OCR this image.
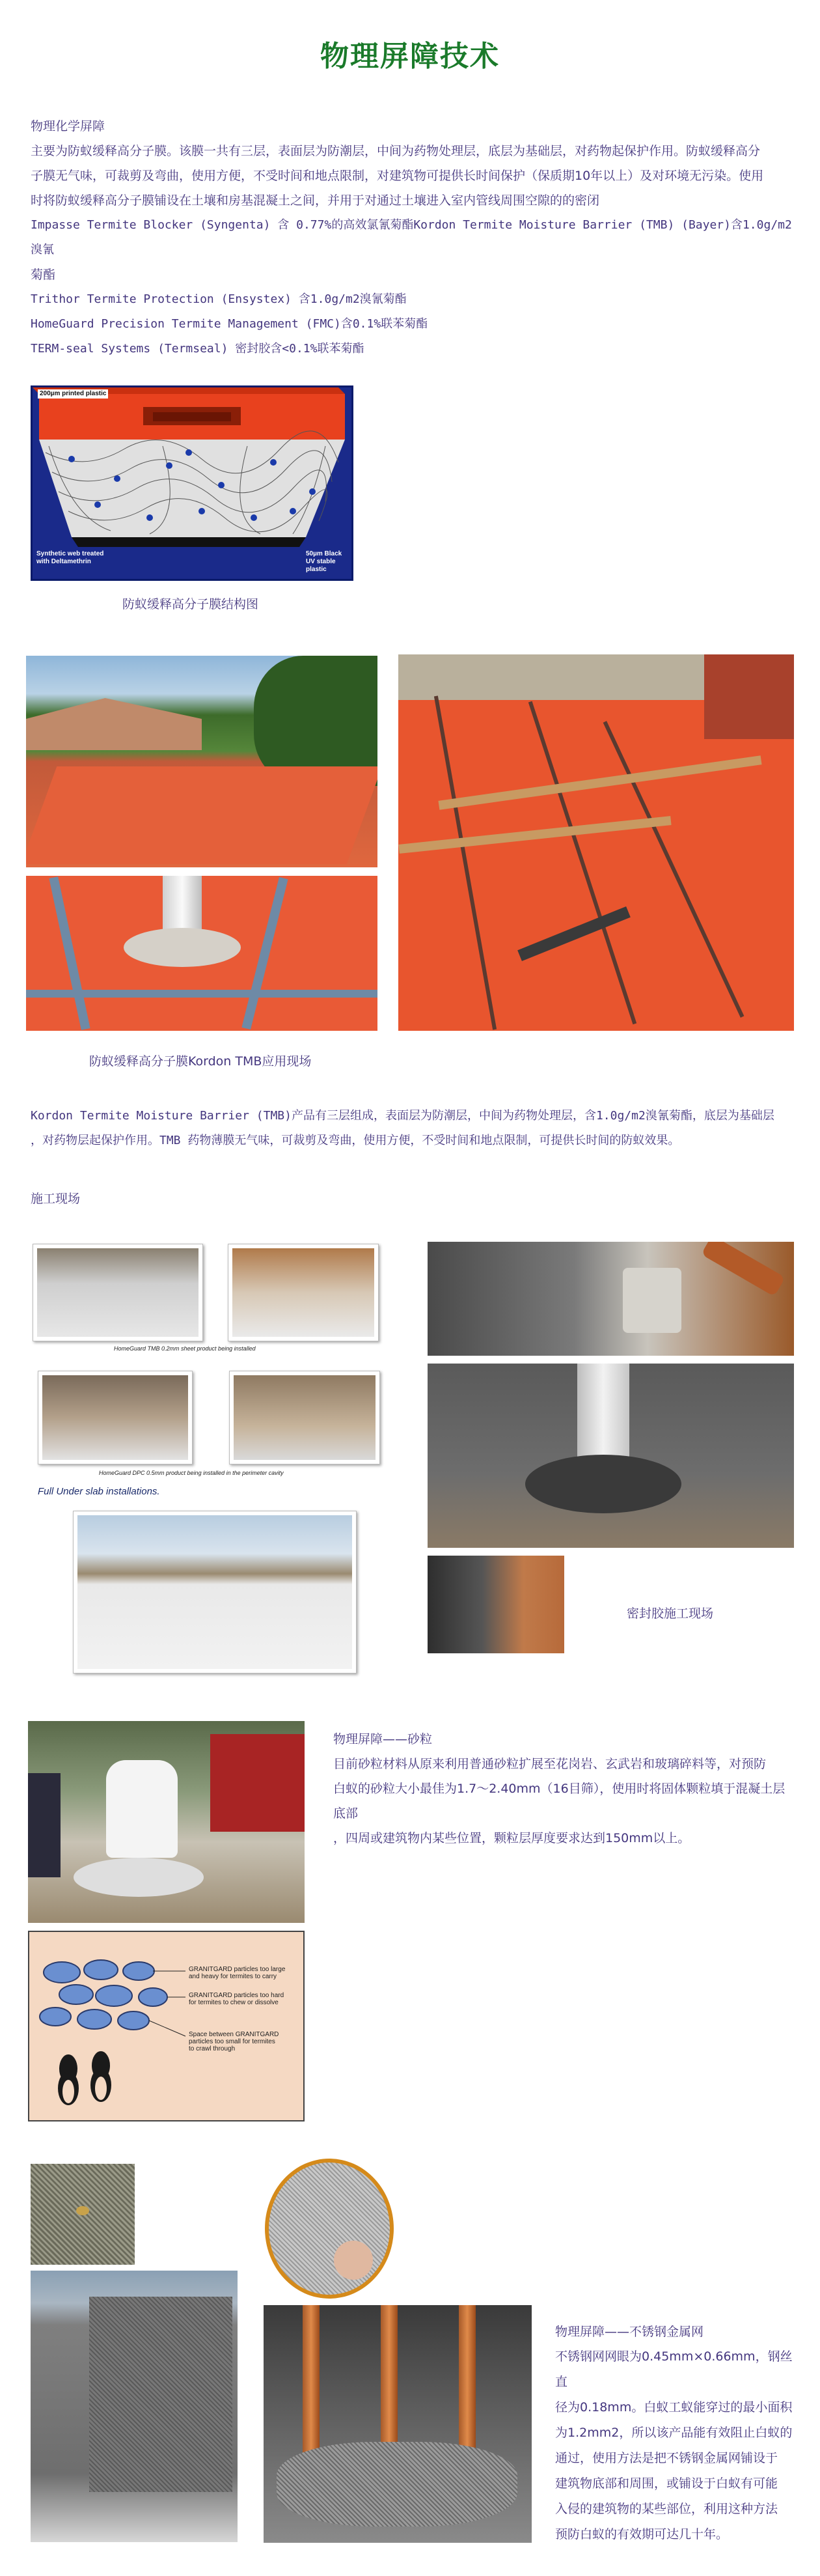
物理屏障技术
物理化学屏障
主要为防蚁缓释高分子膜。该膜一共有三层，表面层为防潮层，中间为药物处理层，底层为基础层，对药物起保护作用。防蚁缓释高分
子膜无气味，可裁剪及弯曲，使用方便，不受时间和地点限制，对建筑物可提供长时间保护（保质期10年以上）及对环境无污染。使用
时将防蚁缓释高分子膜铺设在土壤和房基混凝土之间，并用于对通过土壤进入室内管线周围空隙的的密闭
Impasse Termite Blocker (Syngenta) 含 0.77%的高效氯氰菊酯Kordon Termite Moisture Barrier (TMB) (Bayer)含1.0g/m2溴氰
菊酯
Trithor Termite Protection (Ensystex) 含1.0g/m2溴氰菊酯
HomeGuard Precision Termite Management (FMC)含0.1%联苯菊酯
TERM-seal Systems (Termseal) 密封胶含<0.1%联苯菊酯
200µm printed plastic
Synthetic web treated
with Deltamethrin
50µm Black
UV stable
plastic
防蚁缓释高分子膜结构图
防蚁缓释高分子膜Kordon TMB应用现场
Kordon Termite Moisture Barrier (TMB)产品有三层组成，表面层为防潮层，中间为药物处理层，含1.0g/m2溴氰菊酯，底层为基础层
，对药物层起保护作用。TMB 药物薄膜无气味，可裁剪及弯曲，使用方便，不受时间和地点限制，可提供长时间的防蚁效果。
施工现场
HomeGuard TMB 0.2mm sheet product being installed
HomeGuard DPC 0.5mm product being installed in the perimeter cavity
Full Under slab installations.
密封胶施工现场
GRANITGARD particles too large
and heavy for termites to carry
GRANITGARD particles too hard
for termites to chew or dissolve
Space between GRANITGARD
particles too small for termites
to crawl through
物理屏障——砂粒
目前砂粒材料从原来利用普通砂粒扩展至花岗岩、玄武岩和玻璃碎料等，对预防
白蚁的砂粒大小最佳为1.7～2.40mm（16目筛），使用时将固体颗粒填于混凝土层
底部
，四周或建筑物内某些位置，颗粒层厚度要求达到150mm以上。
物理屏障——不锈钢金属网
不锈钢网网眼为0.45mm×0.66mm，钢丝直
径为0.18mm。白蚁工蚁能穿过的最小面积
为1.2mm2，所以该产品能有效阻止白蚁的
通过，使用方法是把不锈钢金属网铺设于
建筑物底部和周围，或铺设于白蚁有可能
入侵的建筑物的某些部位，利用这种方法
预防白蚁的有效期可达几十年。
